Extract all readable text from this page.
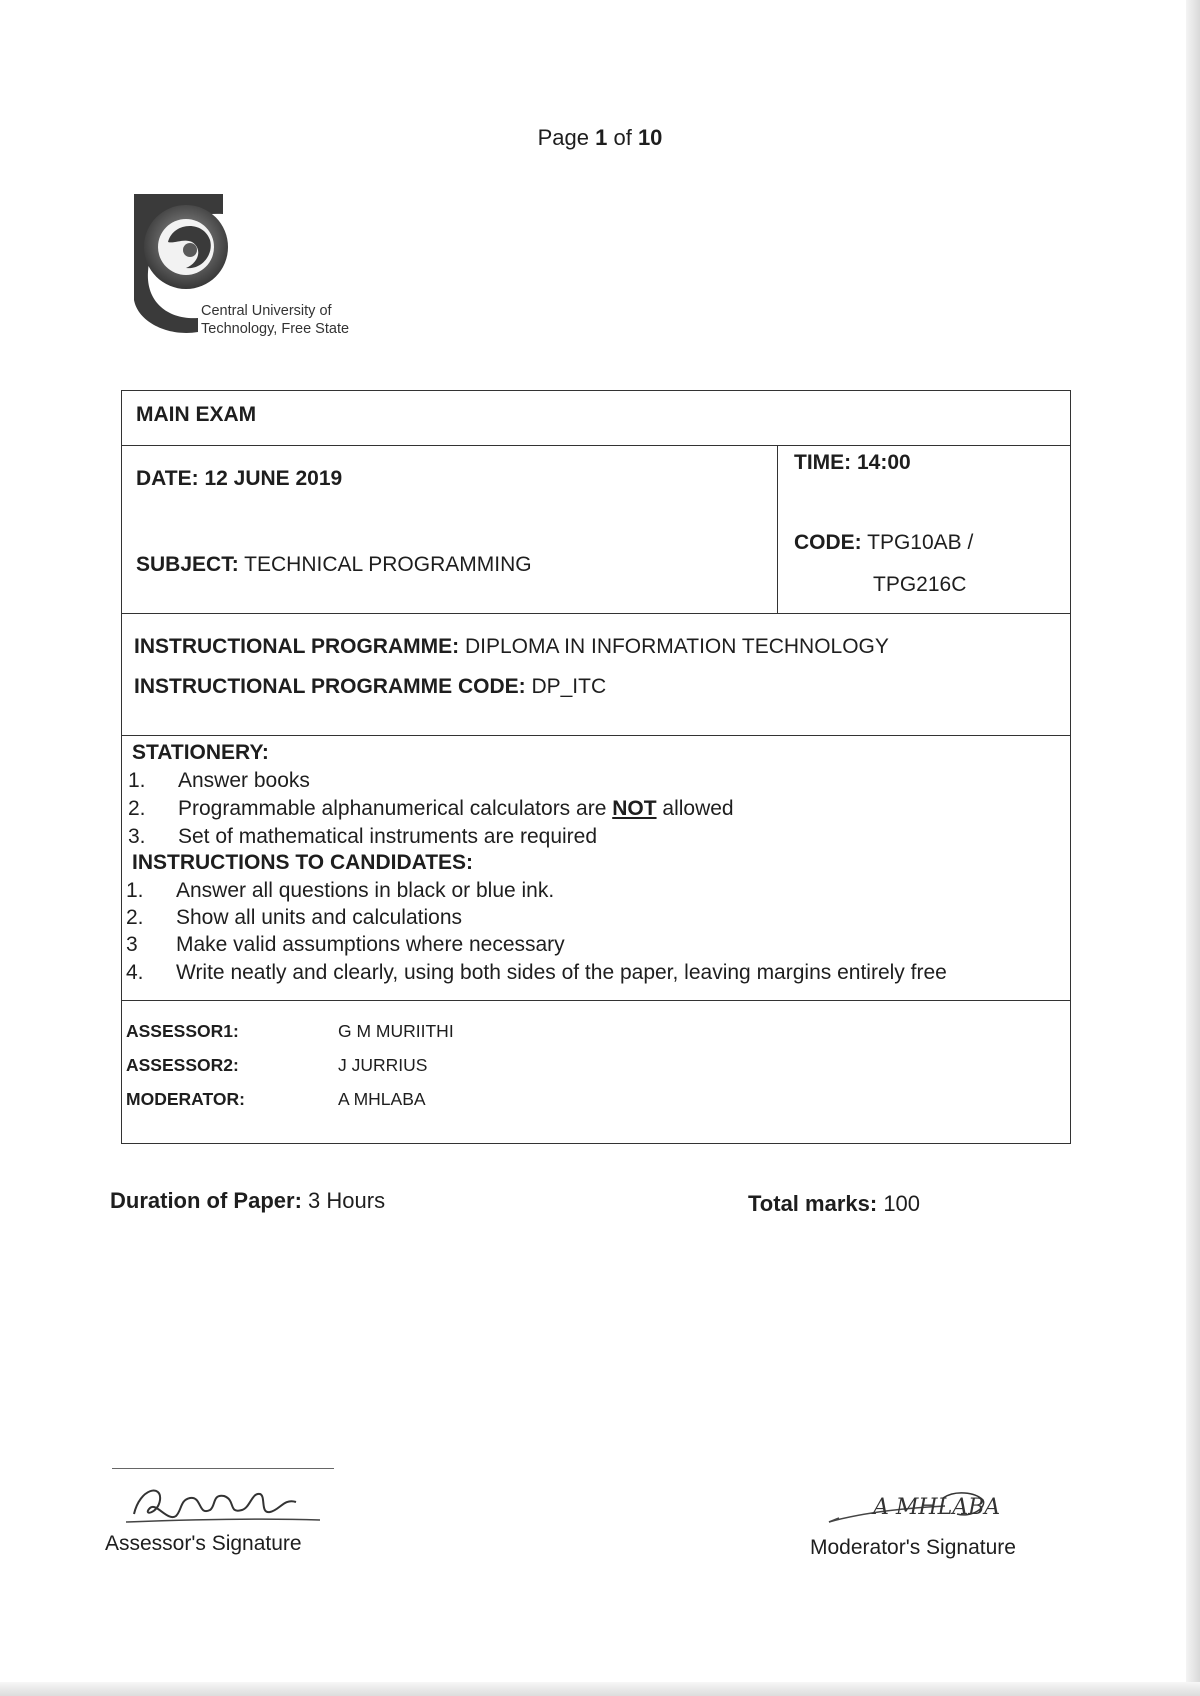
Page 1 of 10
Central University of
Technology, Free State
MAIN EXAM
DATE: 12 JUNE 2019
SUBJECT: TECHNICAL PROGRAMMING
TIME: 14:00
CODE: TPG10AB /
TPG216C
INSTRUCTIONAL PROGRAMME: DIPLOMA IN INFORMATION TECHNOLOGY
INSTRUCTIONAL PROGRAMME CODE: DP_ITC
STATIONERY:
1. Answer books
2. Programmable alphanumerical calculators are NOT allowed
3. Set of mathematical instruments are required
INSTRUCTIONS TO CANDIDATES:
1. Answer all questions in black or blue ink.
2. Show all units and calculations
3 Make valid assumptions where necessary
4. Write neatly and clearly, using both sides of the paper, leaving margins entirely free
ASSESSOR1:	G M MURIITHI
ASSESSOR2:	J JURRIUS
MODERATOR:	A MHLABA
Duration of Paper: 3 Hours	Total marks: 100
Assessor's Signature
A MHLABA
Moderator's Signature
